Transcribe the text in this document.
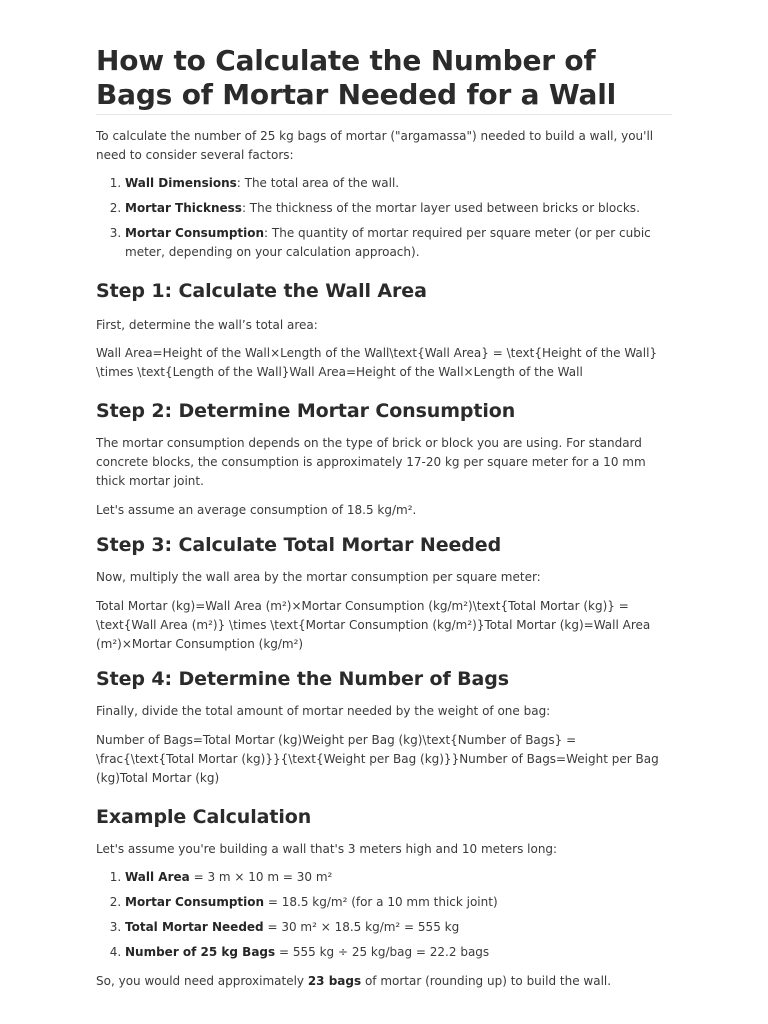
How to Calculate the Number of Bags of Mortar Needed for a Wall

To calculate the number of 25 kg bags of mortar ("argamassa") needed to build a wall, you'll need to consider several factors:

1. Wall Dimensions: The total area of the wall.
2. Mortar Thickness: The thickness of the mortar layer used between bricks or blocks.
3. Mortar Consumption: The quantity of mortar required per square meter (or per cubic meter, depending on your calculation approach).
Step 1: Calculate the Wall Area

First, determine the wall’s total area:

Wall Area=Height of the Wall×Length of the Wall\text{Wall Area} = \text{Height of the Wall} \times \text{Length of the Wall}Wall Area=Height of the Wall×Length of the Wall

Step 2: Determine Mortar Consumption

The mortar consumption depends on the type of brick or block you are using. For standard concrete blocks, the consumption is approximately 17-20 kg per square meter for a 10 mm thick mortar joint.

Let's assume an average consumption of 18.5 kg/m².

Step 3: Calculate Total Mortar Needed

Now, multiply the wall area by the mortar consumption per square meter:

Total Mortar (kg)=Wall Area (m²)×Mortar Consumption (kg/m²)\text{Total Mortar (kg)} = \text{Wall Area (m²)} \times \text{Mortar Consumption (kg/m²)}Total Mortar (kg)=Wall Area (m²)×Mortar Consumption (kg/m²)

Step 4: Determine the Number of Bags

Finally, divide the total amount of mortar needed by the weight of one bag:

Number of Bags=Total Mortar (kg)Weight per Bag (kg)\text{Number of Bags} = \frac{\text{Total Mortar (kg)}}{\text{Weight per Bag (kg)}}Number of Bags=Weight per Bag (kg)Total Mortar (kg)

Example Calculation

Let's assume you're building a wall that's 3 meters high and 10 meters long:

1. Wall Area = 3 m × 10 m = 30 m²
2. Mortar Consumption = 18.5 kg/m² (for a 10 mm thick joint)
3. Total Mortar Needed = 30 m² × 18.5 kg/m² = 555 kg
4. Number of 25 kg Bags = 555 kg ÷ 25 kg/bag = 22.2 bags

So, you would need approximately 23 bags of mortar (rounding up) to build the wall.
